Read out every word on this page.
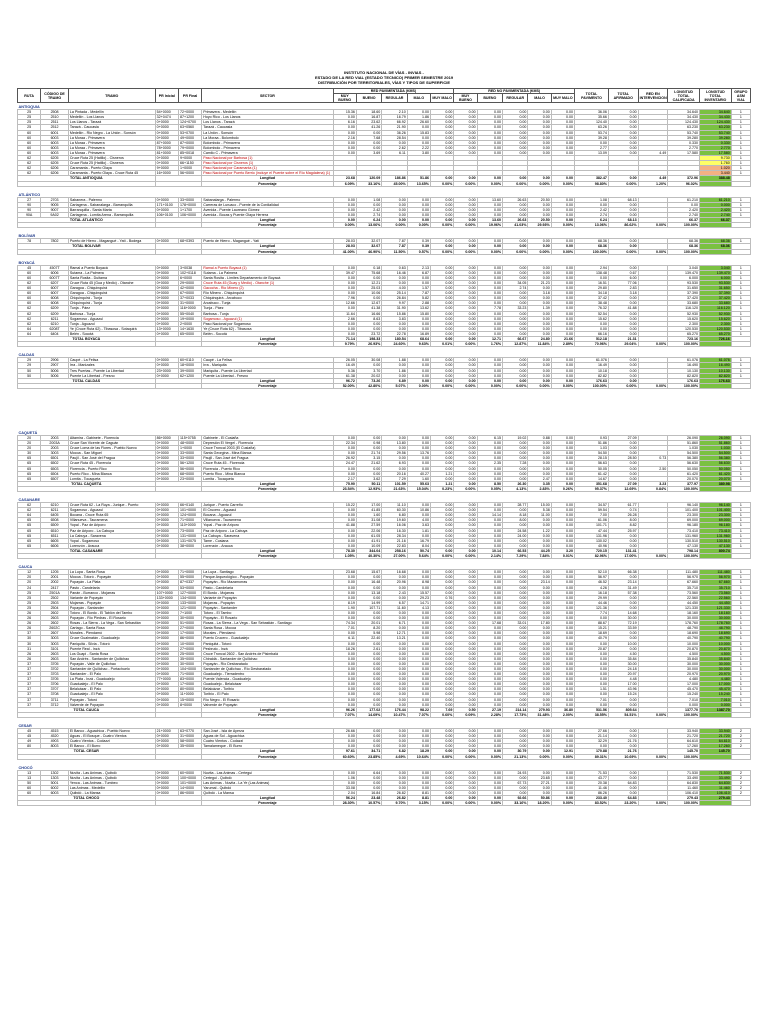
INSTITUTO NACIONAL DE VÍAS - INVIAS -
ESTADO DE LA RED VIAL (ESTADO TECNICO) PRIMER SEMESTRE 2019
DISTRIBUCIÓN POR TERRITORIALES, VÍAS Y TIPOS DE SUPERFICIE
RUTA	CÓDIGO DE TRAMO	TRAMO	PR Inicial	PR Final	SECTOR	RED PAVIMENTADA (KMS)					RED NO PAVIMENTADA (KMS)					TOTAL PAVIMENTO	TOTAL AFIRMADO	RED EN INTERVENCION	LONGITUD TOTAL CALIFICADA	LONGITUD TOTAL INVENTARIO	GRUPO ASM VIAL
						MUY BUENO	BUENO	REGULAR	MALO	MUY MALO	MUY BUENO	BUENO	REGULAR	MALO	MUY MALO						
ANTIOQUIA																					
25	2508	La Pintada - Medellín	54+0000	72+0000	Primavera - Medellín	15.36	18.60	2.10	0.00	0.00	0.00	0.00	0.00	0.00	0.00	36.06	0.00		34.640	34.640	1
25	2510	Medellín - Los Llanos	32+0474	87+1200	Hoyo Rico - Los Llanos	0.00	16.87	16.79	1.86	0.00	0.00	0.00	0.00	0.00	0.00	35.66	0.00		34.430	34.430	1
25	2511	Los Llanos - Tarazá	0+0000	124+0700	Los Llanos - Tarazá	6.16	23.62	66.92	26.60	0.00	0.00	0.00	0.00	0.00	0.00	124.40	0.00		124.430	124.430	1
25	2512	Tarazá - Caucasia	0+0000	63+0560	Tarazá - Caucasia	0.00	41.26	21.90	0.00	0.00	0.00	0.00	0.00	0.00	0.00	63.26	0.00		63.230	63.230	1
60	6001	Medellín - Rio Negro - La Unión - Sonsón	0+0000	53+0700	La Unión - Sonsón	0.00	0.00	36.26	15.83	0.00	0.00	0.00	0.00	0.00	0.00	53.74	0.00		53.740	53.740	1
60	6003	La Moraa - Primavera	0+0000	49+0000	La Moraa - Bolombolo	2.16	7.68	28.54	0.00	0.00	0.00	0.00	0.00	0.00	0.00	39.28	0.00		39.280	39.280	1
60	6003	La Moraa - Primavera	87+0000	87+0000	Bolombolo - Primavera	0.00	0.00	0.00	0.00	0.00	0.00	0.00	0.00	0.00	0.00	0.00	0.00		0.330	0.330	1
60	6003	La Moraa - Primavera	78+0000	79+0000	Bolombolo - Primavera	0.00	0.00	2.62	2.22	0.00	0.00	0.00	0.00	0.00	0.00	2.77	0.00		2.770	2.770	1
60	6003	La Moraa - Primavera	81+0000	85+0018	Camilo C - Primavera	0.00	3.69	6.11	3.80	0.00	0.00	0.00	0.00	0.00	0.00	13.09	0.00	4.49	17.580	17.580	1
62	6205	Cruce Ruta 25 (Hatillo) - Cisneros	0+0000	9+0000	Paso Nacional por Barbosa (1)															9.730	1
62	6205	Cruce Ruta 25 (Hatillo) - Cisneros	0+0000	66+1150	Paso Nacional por Cisneros (1)															1.760	1
62	6206	Caramanta - Puerto Olaya	9+0000	1+0000	Paso Nacional por Caramanta (1)															1.020	1
62	6206	Caramanta - Puerto Olaya - Cruce Ruta 45	16+0000	56+0000	Paso Nacional por Puerto Berrio (incluye el Puente sobre el Río Magdalena) (1)															3.440	1
TOTAL ANTIOQUIA					Longitud	23.68	120.09	186.86	51.86	0.00	0.00	0.00	0.00	0.00	0.00	382.47	0.00	4.49	372.96	388.48	
					Porcentaje	6.09%	33.16%	45.00%	13.65%	0.00%	0.00%	0.00%	0.00%	0.00%	0.00%	98.80%	0.00%	1.20%	96.02%		

ATLÁNTICO																					
27	2703	Sabanera - Palermo	0+0000	33+0000	Sabanalarga - Palermo	0.00	1.08	0.00	0.00	0.00	0.00	13.60	26.63	20.50	0.00	1.08	68.13		61.210	61.210	1
90	9005	Cartagena - Sabanalarga - Barranquilla	171+0100	178+0000	Carreras de Luruaco - Puente de la Cordialidad	0.00	0.00	0.00	0.00	0.00	0.00	0.00	0.00	0.00	0.00	0.00	0.00		0.00	0.000	1
90	9007	Barranquilla - Santa Marta	0+0000	1+1700	Avenida - Puente Laureano Gómez	0.00	2.42	0.00	0.00	0.00	0.00	0.00	0.00	0.00	0.00	2.42	0.00		2.420	2.420	1
90A	9A02	Cartagena - Lomita Arena - Barranquilla	106+0100	106+0000	Avenida - Bocas y Puente Olaya Herrera	0.00	2.74	0.00	0.00	0.00	0.00	0.00	0.00	0.00	0.00	2.74	0.00		2.740	2.740	1
TOTAL ATLÁNTICO					Longitud	0.00	6.24	0.00	0.00	0.00	0.00	13.60	26.63	20.50	0.00	6.24	68.13		66.37	66.37	
					Porcentaje	0.00%	13.06%	0.00%	0.00%	0.00%	0.00%	19.96%	41.03%	29.93%	0.00%	13.06%	86.62%	0.00%	100.00%		

BOLÍVAR																					
78	7802	Puerto de Hierro - Magangué - Yatí - Bodega	0+0000	68+0393	Puerto de Hierro - Magangué - Yatí	28.03	32.07	7.87	0.39	0.00	0.00	0.00	0.00	0.00	0.00	68.36	0.00		68.36	68.36	1
TOTAL BOLIVAR					Longitud	28.03	32.07	7.87	0.39	0.00	0.00	0.00	0.00	0.00	0.00	68.36	0.00		68.36	68.36	
					Porcentaje	41.00%	46.90%	11.50%	0.57%	0.00%	0.00%	0.00%	0.00%	0.00%	0.00%	100.00%	0.00%	0.00%	100.00%		

BOYACÁ																					
45	4507T	Ramal a Puerto Boyacá	0+0000	3+0038	Ramal a Puerto Boyacá (1)	0.00	0.18	0.63	2.13	0.00	0.00	0.00	0.00	0.00	0.00	2.94	0.00		3.040	3.040	1
60	6006	Sutama - La Palmera	0+0000	102+0118	Sutama - La Palmera	39.47	75.68	16.46	6.87	0.00	0.00	0.00	0.00	0.00	0.00	138.48	0.67		139.470	139.470	1
60	6007T	Santa Rosita - Duitama	0+0000	6+0000	Santa Rosita - Límites Departamento de Boyacá	0.00	0.00	0.00	0.00	0.00	0.00	0.00	0.00	0.00	0.00	0.00	6.00		6.000	6.000	1
62	6207	Cruce Ruta 45 (Gua y Medio) - Otanche	0+0000	29+0000	Cruce Ruta 45 (Guay y Medio) - Otanche (1)	0.00	12.21	0.00	0.00	0.00	0.00	0.00	34.05	21.23	0.00	16.51	77.06		93.530	93.530	1
60	6007	Garagoa - Chiquinquirá	0+0000	42+0000	Gacocha - Rio Minero (2)	0.00	25.03	4.00	1.57	0.00	0.00	0.00	2.74	0.00	0.00	29.80	2.83		31.650	31.650	1
60	6007	Garagoa - Chiquinquirá	0+0000	67+0000	Río Minero - Chiquinquirá	0.00	10.06	25.14	7.87	0.00	0.00	0.00	0.00	3.18	0.00	34.18	3.18		37.390	37.390	1
60	6008	Chiquinquirá - Tunja	0+0000	37+0033	Chiquinquirá - Arcabuco	7.96	0.00	26.84	5.82	0.00	0.00	0.00	0.00	0.00	0.00	37.42	0.00		37.420	37.420	1
60	6008	Chiquinquirá - Tunja	0+0000	31+0000	Arcabuco - Tunja	12.66	12.67	9.97	2.88	0.00	0.00	0.00	0.00	0.00	0.00	38.48	0.00		33.680	33.680	1
62	6209	Tunja - Páez	0+0000	116+0000	Tunja - Páez	0.00	41.38	31.90	13.62	0.00	0.00	7.78	33.23	1.39	0.00	76.32	41.88		116.120	116.120	1
62	6209	Barbosa - Tunja	0+0000	55+0040	Barbosa - Tunja	11.64	16.66	15.86	15.80	0.00	0.00	0.00	0.00	0.00	0.00	52.54	0.00		52.930	52.930	1
62	6211	Sogamoso - Aguazul	0+0000	19+0000	Sogamoso - Aguazul (1)	2.66	8.63	3.83	0.00	0.00	0.00	0.00	0.00	0.00	0.00	15.62	0.00		15.620	15.620	1
62	6210	Tunja - Aguazul	0+0000	2+0000	Paso Nacional por Sogamoso	0.00	0.00	0.00	0.00	0.00	0.00	0.00	0.00	0.00	0.00	0.00	0.00		2.300	2.300	1
64	6208T	Ye (Cruce Ruta 62) - Tibasosa - Sotaquirá	13+0000	14+1630	Ye (Cruce Ruta 62) - Tibasosa	0.00	0.00	0.00	0.00	0.00	0.00	0.00	0.00	0.00	0.00	0.00	0.00		120.530	120.530	1
64	6404	Belén - Socotá	0+0000	65+0000	Belén - Socotá	0.00	23.72	22.78	16.89	0.00	0.00	0.00	0.00	0.00	0.00	66.16	0.00		65.270	65.270	1
TOTAL BOYACÁ					Longitud	71.14	198.33	180.54	68.64	0.00	0.00	12.71	66.67	24.80	21.66	512.18	21.31		723.16	726.16	
					Porcentaje	9.79%	26.93%	24.60%	9.63%	0.01%	0.00%	1.76%	12.87%	11.84%	2.89%	70.96%	29.04%	0.00%	100.00%		

CALDAS																					
29	2906	Caupé - La Felisa	0+0000	60+0110	Caupé - La Felisa	26.05	30.08	1.88	0.00	0.00	0.00	0.00	0.00	0.00	0.00	61.076	0.00		61.076	61.076	1
29	2907	Irra - Manizales	0+0000	18+0000	Irra - Mariquita	16.49	0.00	0.00	0.00	0.00	0.00	0.00	0.00	0.00	0.00	16.49	0.00		16.490	16.490	1
50	5006	Tres Puertas - Puente La Libertad	23+0000	39+0000	Mariquita - Puente La Libertad	5.36	3.70	1.86	0.00	0.00	0.00	0.00	0.00	0.00	0.00	10.18	0.00		10.130	10.130	1
50	5006	Puente La Libertad - Fresno	0+0000	62+1200	Puente La Libertad - Fresno	61.38	20.02	0.00	0.00	0.00	0.00	0.00	0.00	0.00	0.00	82.82	0.00		82.820	82.820	1
TOTAL CALDAS					Longitud	96.72	73.26	6.89	0.00	0.00	0.00	0.00	0.00	0.00	0.00	176.63	0.00		176.63	176.63	
					Porcentaje	52.00%	42.80%	5.07%	0.00%	0.00%	0.00%	0.00%	0.00%	0.00%	0.00%	100.00%	0.00%	0.00%	100.00%		

CAQUETÁ																					
20	2003	Altamira - Gabinete - Florencia	86+0000	115+0755	Gabinete - El Cusiaña	0.00	0.00	0.00	0.00	0.00	0.00	6.15	19.02	0.88	0.00	0.93	27.09		26.090	26.090	1
20	2003A	Cruce San Vicente de Caguán	0+0000	48+0000	Depresión El Vergel - Florencia	22.34	0.98	13.80	0.00	0.00	0.00	0.00	0.00	0.00	0.00	51.86	0.00		51.860	51.860	1
20	2003	Cruce Loma de las Flores - Pueblo Nuevo	0+0000	1+0000	Cruce Troncal 2003 (El Cusiaña)	0.00	0.00	0.00	0.00	0.00	0.00	0.00	0.00	0.00	0.00	1.03	0.00		1.030	1.030	1
30	3003	Mocoa - San Miguel	0+0000	33+0000	Santa Georgina - Mina Blanca	0.00	21.74	29.56	13.76	0.00	0.00	0.00	0.00	0.00	0.00	54.50	0.00		54.500	54.500	1
65	6501	Paujil - San José del Fragua	0+0000	33+0000	Paujil - San José del Fragua	26.92	3.15	0.00	0.00	0.00	0.00	0.00	0.00	0.00	0.00	28.15	28.50	0.73	56.380	56.380	1
65	6502	Cruce Ruta 45 - Florencia	0+0000	56+1200	Cruce Ruta 45 - Florencia	24.47	21.62	6.93	0.00	0.00	0.00	2.35	7.28	0.00	0.00	56.63	0.00		56.630	56.630	1
65	6503	Florencia - Puerto Rico	0+0000	56+0000	Florencia - Puerto Rico	0.00	0.00	0.00	0.00	0.00	0.00	0.00	0.00	0.00	0.00	50.05	0.00	2.50	50.050	50.050	1
65	6504	Puerto Rico - Mina Blanca	0+0000	68+0000	Puerto Rico - Mina Blanca	0.00	0.00	20.16	40.27	1.21	0.00	0.00	0.00	0.00	0.00	61.42	0.00		61.420	61.420	1
65	6507	Lomita - Tocaqueta	0+0000	23+0000	Lomita - Tocaqueta	2.17	3.62	7.29	1.60	0.00	0.00	0.00	0.00	2.47	0.00	14.67	0.00		20.070	20.070	1
TOTAL CAQUETÁ					Longitud	75.90	50.11	101.59	55.63	1.21	0.00	8.50	26.30	3.35	0.00	351.68	27.09	3.23	377.97	380.98	
					Porcentaje	23.54%	12.93%	21.63%	15.04%	0.23%	0.00%	0.05%	4.13%	2.83%	0.26%	95.37%	12.69%	0.84%	100.00%		

CASANARE																					
62	6210	Cruce Ruta 62 - La Ruya - Jurique - Puerto	0+0000	66+0140	Jurique - Puerto Carreño	15.22	17.00	11.10	0.00	0.00	0.00	0.00	28.77	15.00	0.00	34.57	61.77		96.140	96.140	1
62	6211	Sogamoso - Aguazul	0+0000	101+0000	El Crucero - Aguazul	0.00	41.85	60.30	10.86	0.00	0.00	0.00	0.00	5.38	0.00	59.54	0.74		101.400	101.400	1
64	6405	Bocana - Cruce Ruta 65	0+0000	124+0000	Bocana - Aguazul	0.00	1.60	6.80	0.00	0.00	0.00	14.14	8.18	11.00	0.00	7.00	26.28		23.300	23.300	1
65	6508	Villanueva - Tauramena	0+0000	71+0000	Villanueva - Tauramena	0.00	31.08	19.60	4.00	0.00	0.00	0.00	8.00	0.00	0.00	61.06	8.00		69.000	69.000	1
65	6509	Yopal - Paz de Ariporo	0+0000	110+0000	Yopal - Paz de Ariporo	41.88	27.59	16.06	3.63	0.00	0.00	0.00	0.00	0.00	0.00	101.71	8.82		96.180	96.180	1
65	6510	Paz de Ariporo - La Cabuya	0+0000	73+0000	Paz de Ariporo - La Cabuya	0.00	22.06	16.30	1.81	0.00	0.00	0.00	24.58	1.22	0.00	47.44	25.97		73.410	73.410	1
65	6511	La Cabuya - Saravena	0+0000	131+0000	La Cabuya - Saravena	0.00	61.05	28.34	0.00	0.00	0.00	0.00	24.00	0.00	0.00	131.96	0.00		131.960	131.960	1
65	6605	Yopal - Sogamoso	0+0000	131+0075	Tame - Cusiana	0.00	41.91	21.16	16.79	0.00	0.00	0.00	0.00	0.00	0.00	130.02	0.00		130.510	130.510	1
65	6606	Lorenzón - Arauca	0+0000	38+0000	Lorenzón - Arauca	0.00	10.09	22.83	8.04	0.00	0.00	0.00	0.00	0.00	0.00	40.96	0.00		47.130	47.130	1
TOTAL CASANARE					Longitud	78.30	344.04	258.16	50.74	0.00	0.00	10.14	66.53	44.25	3.20	720.15	131.41		798.14	800.74	
					Porcentaje	1.05%	40.30%	27.00%	5.64%	0.00%	0.00%	2.14%	7.29%	7.84%	0.01%	82.96%	17.00%	0.00%	100.00%		

CAUCA																					
12	1205	La Lupa - Santa Rosa	0+0000	71+0000	La Lupa - Santiago	23.68	15.67	16.68	0.00	0.00	0.00	0.00	0.00	0.00	0.00	52.10	66.38		111.480	111.480	1
20	2001	Mocoa - Totoró - Popayán	0+0000	55+0000	Parque Arqueológico - Popayán	0.00	0.00	0.00	0.00	0.00	0.00	0.00	0.00	0.00	0.00	56.97	0.00		56.970	56.970	1
20	2002	Popayán - La Plata	0+0000	87+0337	Popayán - Río Mazamorras	0.00	16.48	20.96	8.98	0.00	0.00	0.00	0.00	23.14	0.00	46.52	23.14		67.660	67.660	1
24	2417	Pasto - Candelaria	0+0000	53+0000	Pasto - Candelaria	0.00	0.00	0.00	0.00	0.00	0.00	0.00	0.00	0.00	0.00	4.26	31.49		35.710	35.710	1
25	2501A	Panán - Burranco - Mojarras	107+0000	127+0000	El Bordo - Mojarras	0.00	13.18	2.43	15.57	0.00	0.00	0.00	0.00	0.00	0.00	16.18	57.38		73.560	73.560	1
25	2502	Variante de Popayán	133+0000	134+0000	Variante de Popayán	0.00	0.00	0.00	29.23	0.76	0.00	0.00	0.00	0.00	0.00	29.99	0.00		22.560	22.560	1
25	2503	Mojarras - Popayán	0+0000	133+0000	Mojarras - Popayán	8.19	14.99	6.57	14.71	0.00	0.00	0.00	0.00	0.00	0.00	44.46	0.00		44.450	44.450	1
25	2504	Popayán - Santander	0+0000	121+0000	Popayán - Santander	1.90	107.71	11.60	4.13	0.00	0.00	0.00	0.00	0.00	0.00	121.36	0.00		121.330	121.330	1
26	2602	Totoro - El Bordo - El Tablón del Tambo	0+0000	7+1000	Totoro - El Tambo	0.00	0.00	0.00	0.00	0.00	0.00	0.00	0.00	0.00	0.00	7.74	14.68		18.160	18.160	1
26	2603	Popayán - Río Piedras - El Rosario	0+0000	30+0000	Popayán - El Rosario	0.00	0.00	0.00	0.00	0.00	0.00	0.00	0.00	0.00	0.00	0.00	30.00		30.000	30.000	1
26	2602	Rosas - La Sierra - La Vega - San Sebastián	0+0000	51+0000	Rosas - La Sierra - La Vega - San Sebastián - Santiago	74.34	20.01	6.71	0.00	0.00	0.00	17.68	33.01	17.80	0.00	88.67	72.19		178.760	178.760	1
26	2602C	Cartago - Santa Rosa	0+0000	27+0000	Santa Rosa - Mocoa	7.01	8.20	0.00	0.00	0.00	0.00	0.00	0.00	0.00	0.00	15.21	33.59		48.790	48.790	1
37	2607	Morales - Piendamó	0+0000	17+0000	Morales - Piendamó	0.00	5.98	12.71	0.00	0.00	0.00	0.00	0.00	0.00	0.00	18.69	0.00		18.690	18.690	1
30	3003	Cruce Gualmatán - Guadualejo	0+0000	86+0000	Puerto Crucero - Guadualejo	6.11	22.40	13.21	0.00	0.00	0.00	0.00	0.00	0.00	0.00	40.79	0.00		40.790	40.790	1
30	3003	Paniquitá - Silvia - Totoró	0+0000	10+0000	Paniquitá - Totoró	0.00	0.00	0.00	0.00	0.00	0.00	0.00	0.00	0.00	0.00	0.00	10.00		10.000	10.000	1
31	3101	Puente Real - Inzá	0+0000	27+0000	Pesbruto - Inzá	18.26	2.61	0.00	0.00	0.00	0.00	0.00	0.00	0.00	0.00	20.87	0.00		20.870	20.870	1
26	2603	Los Guapi - Santa Rosa	0+0000	25+0000	Cruce Troncal 2602 - San Andrés de Pisimbalá	0.00	0.00	0.00	0.00	0.00	0.00	0.00	0.00	0.00	0.00	0.00	4.50		4.500	4.500	1
26	2603	San Andrés - Santander de Quilichao	0+0000	35+0000	Chiraldá - Santander de Quilichao	0.00	0.00	0.00	0.00	0.00	0.00	0.00	0.00	0.00	0.00	0.00	35.84		35.840	35.840	1
37	3705	Popayán - Valle de Quilichao	0+0000	30+0000	Popayán - Río Desbaratado	0.00	0.00	0.00	0.00	0.00	0.00	0.00	0.00	0.00	0.00	0.00	30.00		30.000	30.000	1
37	3702	Santander de Quilichao - Portachuelo	0+0000	104+0000	Santander de Quilichao - Río Desbaratado	0.00	0.00	0.00	0.00	0.00	0.00	0.00	0.00	0.00	0.00	0.00	24.18		30.000	30.000	1
37	3703	Santander - El Palo	0+0000	71+0000	Guadualejo - Tierradentro	0.00	0.00	0.00	0.00	0.00	0.00	0.00	0.00	0.00	0.00	0.00	20.97		20.970	20.970	1
37	3705	La Plata - Inzá - Guadualejo	77+0000	83+0000	Puente Valencia - Guadualejo	0.00	0.00	0.00	0.00	0.00	0.00	0.00	0.00	0.00	0.00	0.00	4.48		4.480	4.480	1
37	3706	Guadualejo - El Palo	0+0000	17+0000	Guadualejo - Belalcázar	0.00	0.00	0.00	0.00	0.00	0.00	0.00	0.00	0.00	0.00	0.00	17.00		17.000	17.000	1
37	3707	Belalcázar - El Palo	0+0000	80+0000	Belalcázar - Toribío	0.00	0.00	0.00	0.00	0.00	0.00	0.00	0.00	0.00	0.00	1.51	43.96		45.470	45.470	1
37	3708	Guadualejo - El Palo	0+0000	11+0000	Toribío - El Palo	0.00	0.00	0.00	0.00	0.00	0.00	0.00	0.00	0.00	0.00	0.00	15.24		15.240	15.240	1
37	3711	Popayán - Totoró	0+0000	15+0000	Río Negro - El Rosario	0.00	0.00	0.00	0.00	0.00	0.00	0.00	0.00	0.00	0.00	7.01	0.00		7.010	7.010	1
37	3712	Valverde de Popayán	0+0000	8+0000	Valverde de Popayán	0.00	0.00	0.00	0.00	0.00	0.00	0.00	0.00	0.00	0.00	0.00	0.00		0.000	0.000	1
TOTAL CAUCA					Longitud	96.26	177.02	176.44	98.22	7.69	0.50	27.19	214.14	279.93	36.80	531.56	805.64		1377.70	1387.70	
					Porcentaje	7.07%	14.69%	10.47%	7.07%	0.60%	0.09%	2.28%	17.73%	31.48%	2.00%	38.55%	54.51%	0.00%	100.00%		

CESAR																					
45	4515	El Banco - Aguachica - Pueblo Nuevo	21+0000	63+0770	San José - Isla de Ayerza	26.66	0.00	0.00	0.00	0.00	0.00	0.00	0.00	0.00	0.00	27.66	0.00		33.940	33.940	2
45	4520	Aguas - El Bosque - Cuatro Vientos	0+0000	31+0000	Aguas de Sol - Aguachica	0.00	0.00	0.00	0.00	0.00	0.00	0.00	0.00	0.00	0.00	21.14	0.00		21.720	21.720	2
49	4903	Cuatro Vientos - Codazzi	0+0000	58+0000	Cuatro Vientos - Codazzi	0.00	0.00	0.00	0.00	0.00	0.00	0.00	0.00	0.00	0.00	32.29	21.76		64.610	64.610	2
80	8003	El Banco - El Burro	0+0000	35+0000	Tamalameque - El Burro	0.00	0.00	0.00	0.00	0.00	0.00	0.00	0.00	0.00	0.00	0.00	0.00		17.260	17.260	2
TOTAL CESAR					Longitud	97.61	34.71	6.82	18.29	0.00	0.00	0.00	30.79	0.00	12.91	170.88	21.76		145.70	145.70	
					Porcentaje	60.60%	23.85%	4.69%	10.64%	0.00%	0.00%	0.00%	21.13%	0.00%	0.00%	89.31%	10.69%	0.00%	100.00%		

CHOCÓ																					
13	1302	Nuvita - Las Animas - Quibdó	0+0000	60+0000	Nuvita - Las Animas - Certegui	0.00	6.64	0.00	0.00	0.00	0.00	0.00	24.93	0.00	0.00	71.53	0.00		71.530	71.530	2
13	1303	Nuvita - Las Animas - Quibdó	0+0000	100+0000	Certegui - Quibdó	1.06	0.00	0.00	0.00	0.00	0.00	0.00	0.00	23.65	0.00	43.77	0.00		33.490	33.490	2
50	5001	Yenca - Las Animas - Tumbeo	0+0000	101+0000	Las Animas - Nuvita - La Ye (Las Animas)	0.00	0.00	0.00	0.00	0.00	0.00	0.00	67.73	27.21	0.00	20.38	64.83		64.830	64.830	2
60	6002	Las Animas - Medellín	0+0000	14+0000	Yarumal - Quibdó	33.08	0.00	0.00	0.00	0.00	0.00	0.00	0.00	0.00	0.00	11.46	0.00		11.460	11.460	2
60	6003	Quibdó - La Mansa	0+0000	86+0000	Quibdó - La Mansa	2.04	16.84	26.82	8.81	0.00	0.00	0.00	0.00	0.00	0.00	86.26	0.00		106.410	106.410	2
TOTAL CHOCO					Longitud	56.24	23.48	26.82	8.81	0.00	0.00	0.00	92.66	50.86	0.00	233.40	64.83		279.43	279.43	
					Porcentaje	28.30%	10.57%	9.70%	3.15%	0.00%	0.00%	0.00%	33.16%	18.20%	0.00%	83.52%	23.20%	0.00%	100.00%		
